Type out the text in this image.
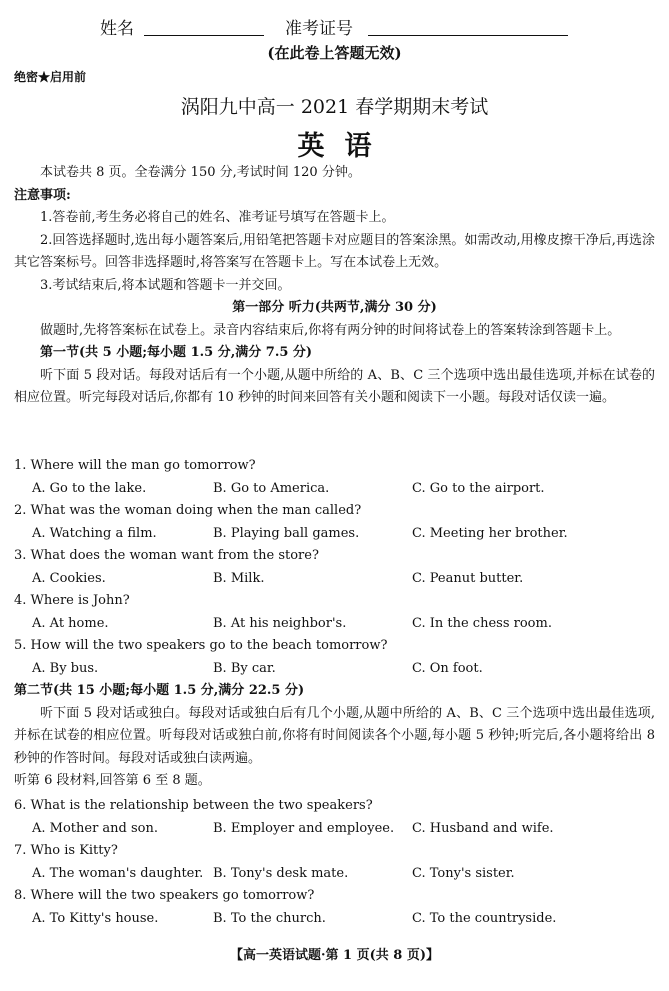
姓名	准考证号
(在此卷上答题无效)
绝密★启用前
涡阳九中高一 2021 春学期期末考试
英语
本试卷共 8 页。全卷满分 150 分,考试时间 120 分钟。
注意事项:
1.答卷前,考生务必将自己的姓名、准考证号填写在答题卡上。
2.回答选择题时,选出每小题答案后,用铅笔把答题卡对应题目的答案涂黑。如需改动,用橡皮擦干净后,再选涂其它答案标号。回答非选择题时,将答案写在答题卡上。写在本试卷上无效。
3.考试结束后,将本试题和答题卡一并交回。
第一部分 听力(共两节,满分 30 分)
做题时,先将答案标在试卷上。录音内容结束后,你将有两分钟的时间将试卷上的答案转涂到答题卡上。
第一节(共 5 小题;每小题 1.5 分,满分 7.5 分)
听下面 5 段对话。每段对话后有一个小题,从题中所给的 A、B、C 三个选项中选出最佳选项,并标在试卷的相应位置。听完每段对话后,你都有 10 秒钟的时间来回答有关小题和阅读下一小题。每段对话仅读一遍。
1. Where will the man go tomorrow?
A. Go to the lake.	B. Go to America.	C. Go to the airport.
2. What was the woman doing when the man called?
A. Watching a film.	B. Playing ball games.	C. Meeting her brother.
3. What does the woman want from the store?
A. Cookies.	B. Milk.	C. Peanut butter.
4. Where is John?
A. At home.	B. At his neighbor's.	C. In the chess room.
5. How will the two speakers go to the beach tomorrow?
A. By bus.	B. By car.	C. On foot.
第二节(共 15 小题;每小题 1.5 分,满分 22.5 分)
听下面 5 段对话或独白。每段对话或独白后有几个小题,从题中所给的 A、B、C 三个选项中选出最佳选项,并标在试卷的相应位置。听每段对话或独白前,你将有时间阅读各个小题,每小题 5 秒钟;听完后,各小题将给出 8 秒钟的作答时间。每段对话或独白读两遍。
听第 6 段材料,回答第 6 至 8 题。
6. What is the relationship between the two speakers?
A. Mother and son.	B. Employer and employee. C. Husband and wife.
7. Who is Kitty?
A. The woman's daughter. B. Tony's desk mate.	C. Tony's sister.
8. Where will the two speakers go tomorrow?
A. To Kitty's house.	B. To the church.	C. To the countryside.
【高一英语试题·第 1 页(共 8 页)】
